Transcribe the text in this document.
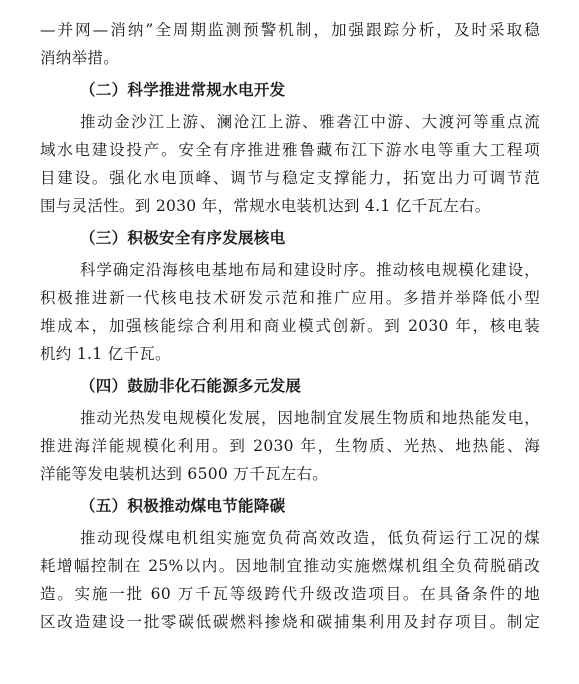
—并网—消纳”全周期监测预警机制，加强跟踪分析，及时采取稳
消纳举措。
（二）科学推进常规水电开发
推动金沙江上游、澜沧江上游、雅砻江中游、大渡河等重点流
域水电建设投产。安全有序推进雅鲁藏布江下游水电等重大工程项
目建设。强化水电顶峰、调节与稳定支撑能力，拓宽出力可调节范
围与灵活性。到 2030 年，常规水电装机达到 4.1 亿千瓦左右。
（三）积极安全有序发展核电
科学确定沿海核电基地布局和建设时序。推动核电规模化建设，
积极推进新一代核电技术研发示范和推广应用。多措并举降低小型
堆成本，加强核能综合利用和商业模式创新。到 2030 年，核电装
机约 1.1 亿千瓦。
（四）鼓励非化石能源多元发展
推动光热发电规模化发展，因地制宜发展生物质和地热能发电，
推进海洋能规模化利用。到 2030 年，生物质、光热、地热能、海
洋能等发电装机达到 6500 万千瓦左右。
（五）积极推动煤电节能降碳
推动现役煤电机组实施宽负荷高效改造，低负荷运行工况的煤
耗增幅控制在 25%以内。因地制宜推动实施燃煤机组全负荷脱硝改
造。实施一批 60 万千瓦等级跨代升级改造项目。在具备条件的地
区改造建设一批零碳低碳燃料掺烧和碳捕集利用及封存项目。制定
